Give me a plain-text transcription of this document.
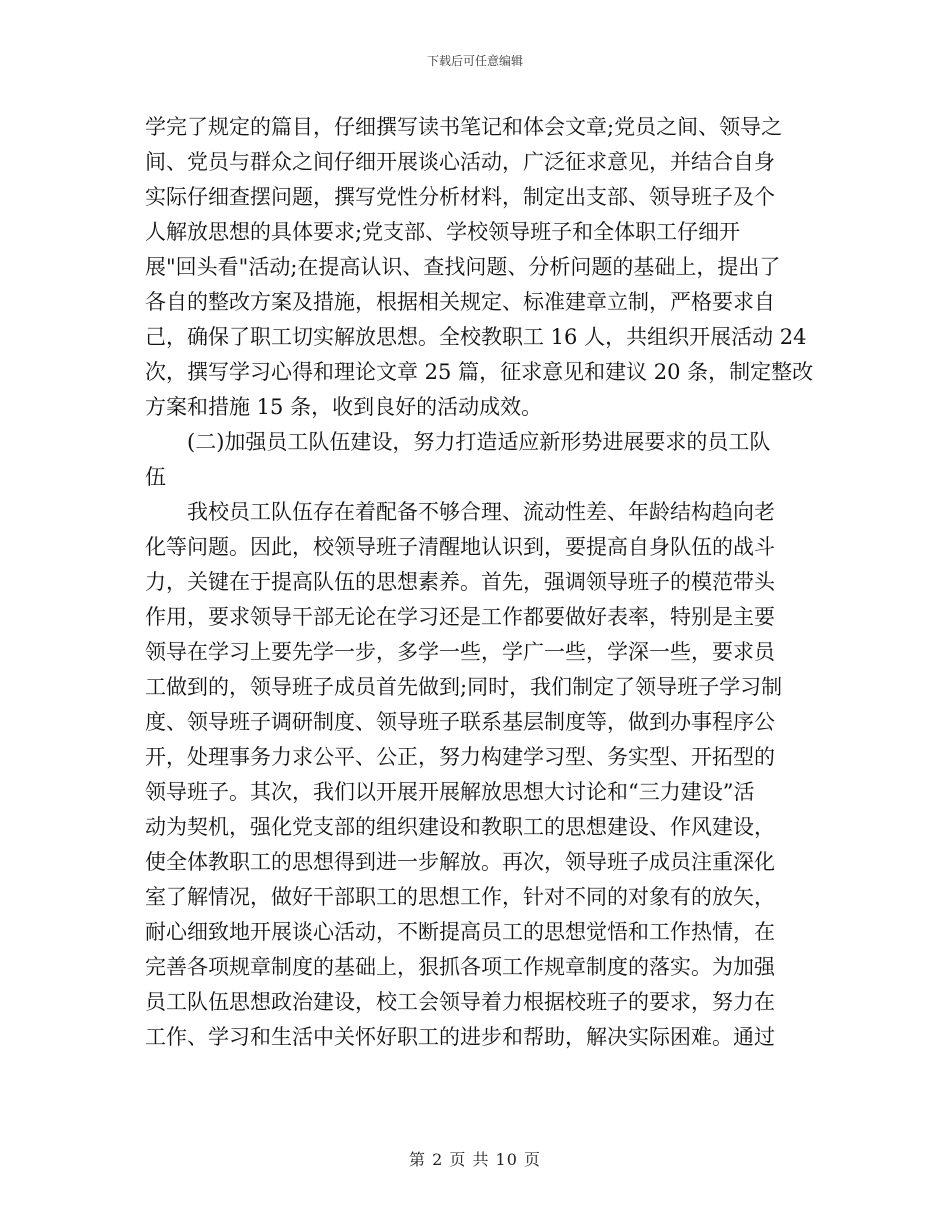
下载后可任意编辑
学完了规定的篇目，仔细撰写读书笔记和体会文章;党员之间、领导之
间、党员与群众之间仔细开展谈心活动，广泛征求意见，并结合自身
实际仔细查摆问题，撰写党性分析材料，制定出支部、领导班子及个
人解放思想的具体要求;党支部、学校领导班子和全体职工仔细开
展"回头看"活动;在提高认识、查找问题、分析问题的基础上，提出了
各自的整改方案及措施，根据相关规定、标准建章立制，严格要求自
己，确保了职工切实解放思想。全校教职工 16 人，共组织开展活动 24
次，撰写学习心得和理论文章 25 篇，征求意见和建议 20 条，制定整改
方案和措施 15 条，收到良好的活动成效。
(二)加强员工队伍建设，努力打造适应新形势进展要求的员工队
伍
我校员工队伍存在着配备不够合理、流动性差、年龄结构趋向老
化等问题。因此，校领导班子清醒地认识到，要提高自身队伍的战斗
力，关键在于提高队伍的思想素养。首先，强调领导班子的模范带头
作用，要求领导干部无论在学习还是工作都要做好表率，特别是主要
领导在学习上要先学一步，多学一些，学广一些，学深一些，要求员
工做到的，领导班子成员首先做到;同时，我们制定了领导班子学习制
度、领导班子调研制度、领导班子联系基层制度等，做到办事程序公
开，处理事务力求公平、公正，努力构建学习型、务实型、开拓型的
领导班子。其次，我们以开展开展解放思想大讨论和“三力建设”活
动为契机，强化党支部的组织建设和教职工的思想建设、作风建设，
使全体教职工的思想得到进一步解放。再次，领导班子成员注重深化
室了解情况，做好干部职工的思想工作，针对不同的对象有的放矢，
耐心细致地开展谈心活动，不断提高员工的思想觉悟和工作热情，在
完善各项规章制度的基础上，狠抓各项工作规章制度的落实。为加强
员工队伍思想政治建设，校工会领导着力根据校班子的要求，努力在
工作、学习和生活中关怀好职工的进步和帮助，解决实际困难。通过
第 2 页 共 10 页
